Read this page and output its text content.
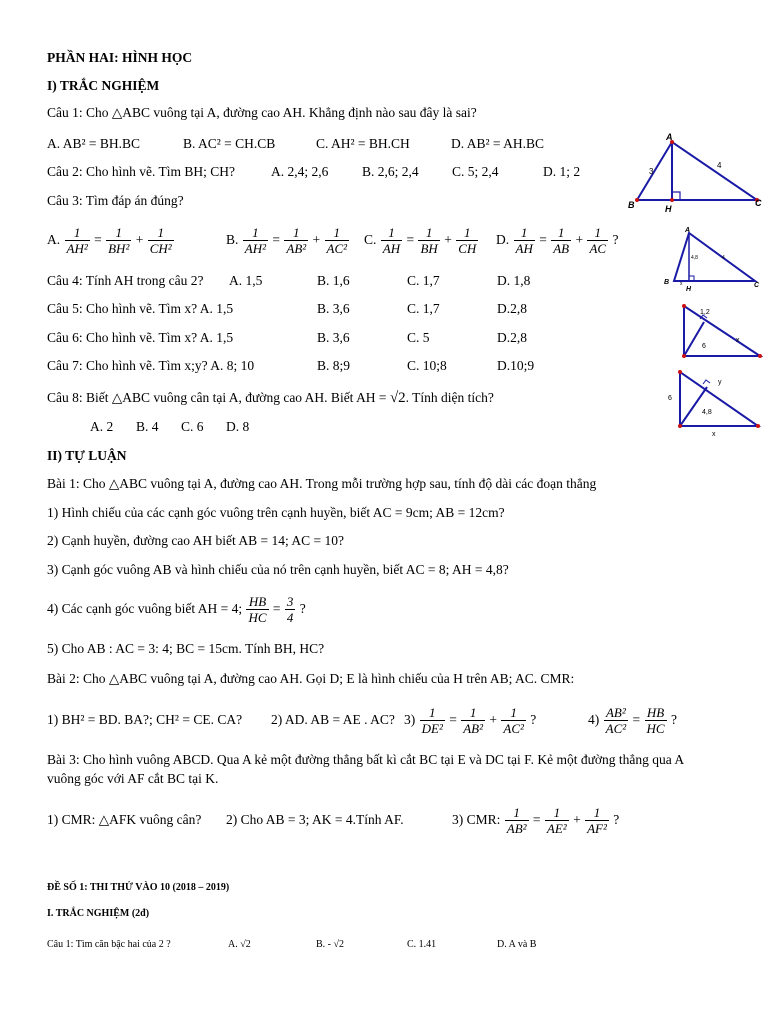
PHẦN HAI: HÌNH HỌC
I) TRẮC NGHIỆM
Câu 1: Cho △ABC vuông tại A, đường cao AH. Khẳng định nào sau đây là sai?
A. AB² = BH.BC	B. AC² = CH.CB	C. AH² = BH.CH	D. AB² = AH.BC
Câu 2: Cho hình vẽ. Tìm BH; CH?	A. 2,4; 2,6 B. 2,6; 2,4 C. 5; 2,4	D. 1; 2
Câu 3: Tìm đáp án đúng?
A. $\frac{1}{\text{AH²}} = \frac{1}{\text{BH²}} + \frac{1}{\text{CH²}}$	B. $\frac{1}{\text{AH²}} = \frac{1}{\text{AB²}} + \frac{1}{\text{AC²}} C$. $\frac{1}{AH} = \frac{1}{BH} + \frac{1}{CH} D$. $\frac{1}{AH} = \frac{1}{AB} + \frac{1}{AC}$ ?
Câu 4: Tính AH trong câu 2? A. 1,5	B. 1,6	C. 1,7	D. 1,8
Câu 5: Cho hình vẽ. Tìm x? A. 1,5	B. 3,6	C. 1,7	D.2,8
Câu 6: Cho hình vẽ. Tìm x? A. 1,5	B. 3,6	C. 5	D.2,8
Câu 7: Cho hình vẽ. Tìm x;y? A. 8; 10	B. 8;9	C. 10;8	D.10;9
Câu 8: Biết △ABC vuông cân tại A, đường cao AH. Biết AH = √2. Tính diện tích?
A. 2 B. 4 C. 6 D. 8
II) TỰ LUẬN
Bài 1: Cho △ABC vuông tại A, đường cao AH. Trong mỗi trường hợp sau, tính độ dài các đoạn thẳng
1) Hình chiếu của các cạnh góc vuông trên cạnh huyền, biết AC = 9cm; AB = 12cm?
2) Cạnh huyền, đường cao AH biết AB = 14; AC = 10?
3) Cạnh góc vuông AB và hình chiếu của nó trên cạnh huyền, biết AC = 8; AH = 4,8?
4) Các cạnh góc vuông biết AH = 4; $\frac{HB}{HC} = \frac{3}{4}$ ?
5) Cho AB : AC = 3: 4; BC = 15cm. Tính BH, HC?
Bài 2: Cho △ABC vuông tại A, đường cao AH. Gọi D; E là hình chiếu của H trên AB; AC. CMR:
1) BH² = BD. BA?; CH² = CE. CA? 2) AD. AB = AE . AC? $3) \frac{1}{\text{DE²}} = \frac{1}{\text{AB²}} + \frac{1}{\text{AC²}}$ ?	$4) \frac{\text{AB²}}{\text{AC²}} = \frac{HB}{HC}$ ?
Bài 3: Cho hình vuông ABCD. Qua A kẻ một đường thẳng bất kì cắt BC tại E và DC tại F. Kẻ một đường thẳng qua A
vuông góc với AF cắt BC tại K.
1) CMR: △AFK vuông cân? 2) Cho AB = 3; AK = 4.Tính AF.	3) CMR: $\frac{1}{\text{AB²}} = \frac{1}{\text{AE²}} + \frac{1}{\text{AF²}}$ ?
ĐỀ SỐ 1: THI THỬ VÀO 10 (2018 – 2019)
I. TRẮC NGHIỆM (2đ)
Câu 1: Tìm căn bậc hai của 2 ?	A. √2	B. - √2	C. 1.41	D. A và B
A
B	C
H
3
4
A
B	C
H
4,8	4
x
1,2
6
x
6
y
4,8
x
